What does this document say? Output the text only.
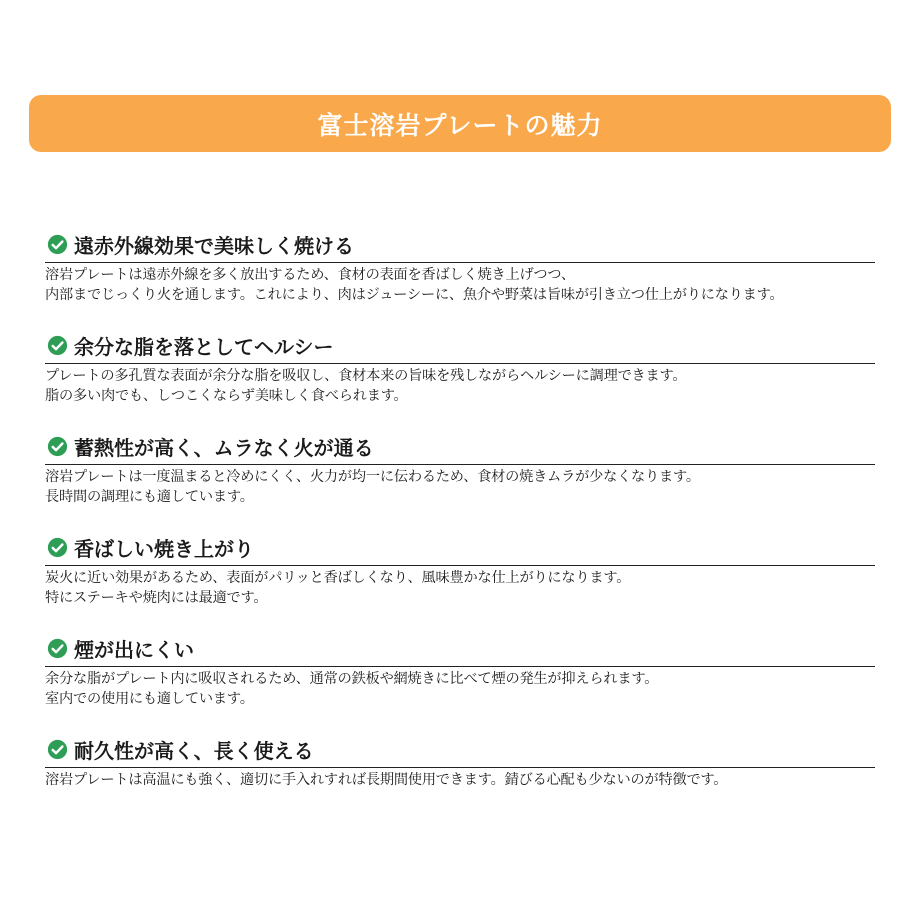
富士溶岩プレートの魅力
遠赤外線効果で美味しく焼ける
溶岩プレートは遠赤外線を多く放出するため、食材の表面を香ばしく焼き上げつつ、
内部までじっくり火を通します。これにより、肉はジューシーに、魚介や野菜は旨味が引き立つ仕上がりになります。
余分な脂を落としてヘルシー
プレートの多孔質な表面が余分な脂を吸収し、食材本来の旨味を残しながらヘルシーに調理できます。
脂の多い肉でも、しつこくならず美味しく食べられます。
蓄熱性が高く、ムラなく火が通る
溶岩プレートは一度温まると冷めにくく、火力が均一に伝わるため、食材の焼きムラが少なくなります。
長時間の調理にも適しています。
香ばしい焼き上がり
炭火に近い効果があるため、表面がパリッと香ばしくなり、風味豊かな仕上がりになります。
特にステーキや焼肉には最適です。
煙が出にくい
余分な脂がプレート内に吸収されるため、通常の鉄板や網焼きに比べて煙の発生が抑えられます。
室内での使用にも適しています。
耐久性が高く、長く使える
溶岩プレートは高温にも強く、適切に手入れすれば長期間使用できます。錆びる心配も少ないのが特徴です。
